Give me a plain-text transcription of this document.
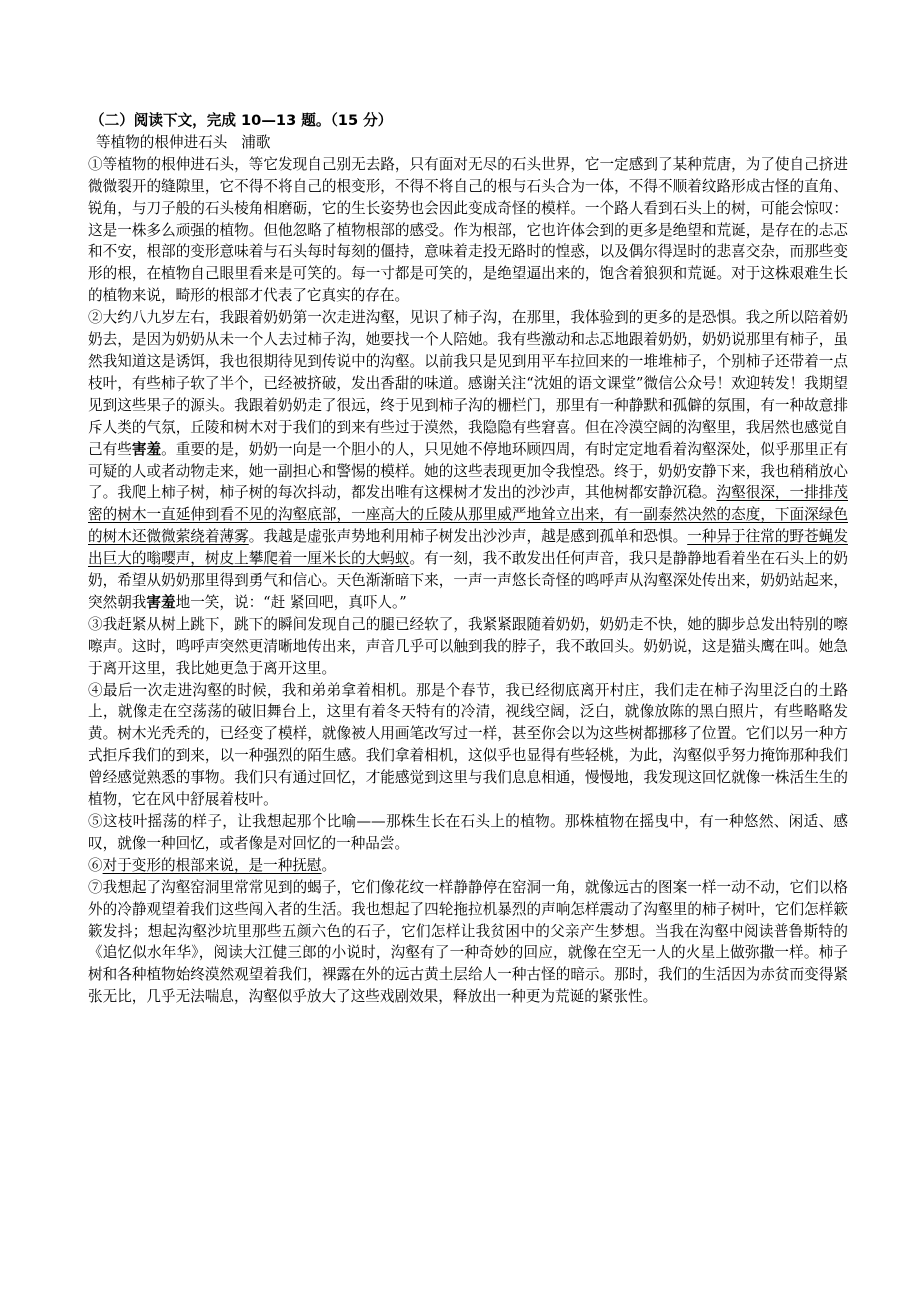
（二）阅读下文，完成 10—13 题。（15 分）
等植物的根伸进石头 浦歌

①等植物的根伸进石头，等它发现自己别无去路，只有面对无尽的石头世界，它一定感到了某种荒唐，为了使自己挤进微微裂开的缝隙里，它不得不将自己的根变形，不得不将自己的根与石头合为一体，不得不顺着纹路形成古怪的直角、锐角，与刀子般的石头棱角相磨砺，它的生长姿势也会因此变成奇怪的模样。一个路人看到石头上的树，可能会惊叹：这是一株多么顽强的植物。但他忽略了植物根部的感受。作为根部，它也许体会到的更多是绝望和荒诞，是存在的忐忑和不安，根部的变形意味着与石头每时每刻的僵持，意味着走投无路时的惶惑，以及偶尔得逞时的悲喜交杂，而那些变形的根，在植物自己眼里看来是可笑的。每一寸都是可笑的，是绝望逼出来的，饱含着狼狈和荒诞。对于这株艰难生长的植物来说，畸形的根部才代表了它真实的存在。

②大约八九岁左右，我跟着奶奶第一次走进沟壑，见识了柿子沟，在那里，我体验到的更多的是恐惧。我之所以陪着奶奶去，是因为奶奶从未一个人去过柿子沟，她要找一个人陪她。我有些激动和忐忑地跟着奶奶，奶奶说那里有柿子，虽然我知道这是诱饵，我也很期待见到传说中的沟壑。以前我只是见到用平车拉回来的一堆堆柿子，个别柿子还带着一点枝叶，有些柿子软了半个，已经被挤破，发出香甜的味道。感谢关注“沈姐的语文课堂”微信公众号！欢迎转发！我期望见到这些果子的源头。我跟着奶奶走了很远，终于见到柿子沟的栅栏门，那里有一种静默和孤僻的氛围，有一种故意排斥人类的气氛，丘陵和树木对于我们的到来有些过于漠然，我隐隐有些窘喜。但在冷漠空阔的沟壑里，我居然也感觉自己有些害羞。重要的是，奶奶一向是一个胆小的人，只见她不停地环顾四周，有时定定地看着沟壑深处，似乎那里正有可疑的人或者动物走来，她一副担心和警惕的模样。她的这些表现更加令我惶恐。终于，奶奶安静下来，我也稍稍放心了。我爬上柿子树，柿子树的每次抖动，都发出唯有这棵树才发出的沙沙声，其他树都安静沉稳。沟壑很深，一排排茂密的树木一直延伸到看不见的沟壑底部，一座高大的丘陵从那里威严地耸立出来，有一副泰然决然的态度，下面深绿色的树木还微微萦绕着薄雾。我越是虚张声势地利用柿子树发出沙沙声，越是感到孤单和恐惧。一种异于往常的野苍蝇发出巨大的嗡嘤声，树皮上攀爬着一厘米长的大蚂蚁。有一刻，我不敢发出任何声音，我只是静静地看着坐在石头上的奶奶，希望从奶奶那里得到勇气和信心。天色渐渐暗下来，一声一声悠长奇怪的鸣呼声从沟壑深处传出来，奶奶站起来，突然朝我害羞地一笑，说：“赶 紧回吧，真吓人。”

③我赶紧从树上跳下，跳下的瞬间发现自己的腿已经软了，我紧紧跟随着奶奶，奶奶走不快，她的脚步总发出特别的嚓嚓声。这时，鸣呼声突然更清晰地传出来，声音几乎可以触到我的脖子，我不敢回头。奶奶说，这是猫头鹰在叫。她急于离开这里，我比她更急于离开这里。

④最后一次走进沟壑的时候，我和弟弟拿着相机。那是个春节，我已经彻底离开村庄，我们走在柿子沟里泛白的土路上，就像走在空荡荡的破旧舞台上，这里有着冬天特有的冷清，视线空阔，泛白，就像放陈的黑白照片，有些略略发黄。树木光秃秃的，已经变了模样，就像被人用画笔改写过一样，甚至你会以为这些树都挪移了位置。它们以另一种方式拒斥我们的到来，以一种强烈的陌生感。我们拿着相机，这似乎也显得有些轻桃，为此，沟壑似乎努力掩饰那种我们曾经感觉熟悉的事物。我们只有通过回忆，才能感觉到这里与我们息息相通，慢慢地，我发现这回忆就像一株活生生的植物，它在风中舒展着枝叶。

⑤这枝叶摇荡的样子，让我想起那个比喻——那株生长在石头上的植物。那株植物在摇曳中，有一种悠然、闲适、感叹，就像一种回忆，或者像是对回忆的一种品尝。

⑥对于变形的根部来说，是一种抚慰。

⑦我想起了沟壑窑洞里常常见到的蝎子，它们像花纹一样静静停在窑洞一角，就像远古的图案一样一动不动，它们以格外的冷静观望着我们这些闯入者的生活。我也想起了四轮拖拉机暴烈的声响怎样震动了沟壑里的柿子树叶，它们怎样簌簌发抖；想起沟壑沙坑里那些五颜六色的石子，它们怎样让我贫困中的父亲产生梦想。当我在沟壑中阅读普鲁斯特的《追忆似水年华》，阅读大江健三郎的小说时，沟壑有了一种奇妙的回应，就像在空无一人的火星上做弥撒一样。柿子树和各种植物始终漠然观望着我们，裸露在外的远古黄土层给人一种古怪的暗示。那时，我们的生活因为赤贫而变得紧张无比，几乎无法喘息，沟壑似乎放大了这些戏剧效果，释放出一种更为荒诞的紧张性。
